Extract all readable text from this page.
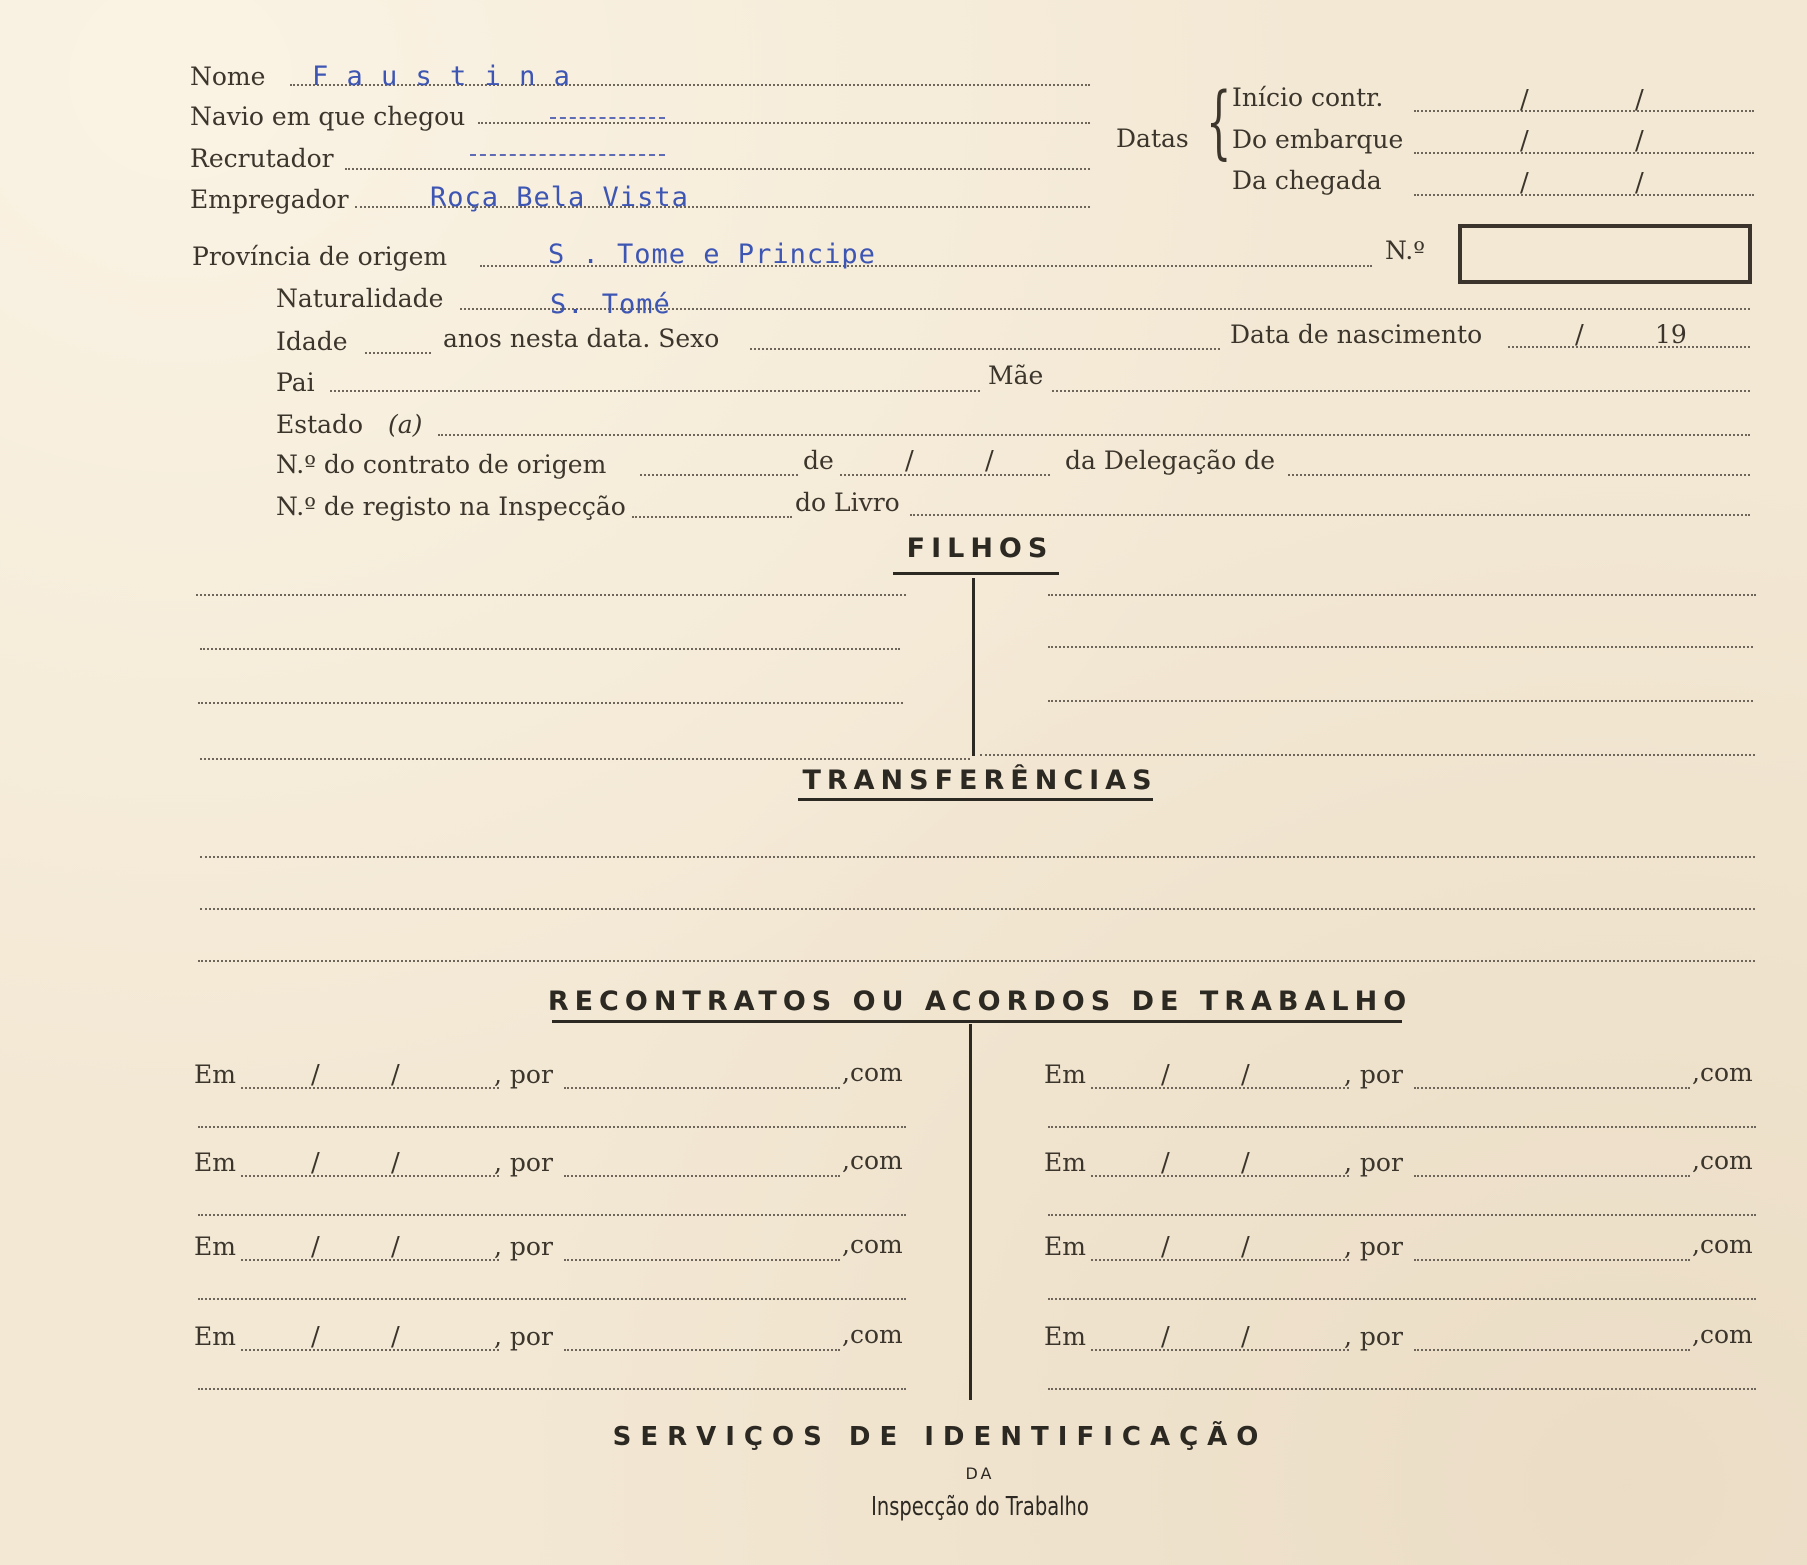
Nome F a u s t i n a
Navio em que chegou
Recrutador
Empregador	Roça Bela Vista
Datas { Início contr.	/	/
Do embarque	/	/
Da chegada	/	/
Província de origem	S . Tome e Principe	N.º
Naturalidade	S. Tomé
Idade	anos nesta data. Sexo	Data de nascimento	/	19
Pai	Mãe
Estado (a)
N.º do contrato de origem	de	/	/	da Delegação de
N.º de registo na Inspecção	do Livro
FILHOS
TRANSFERÊNCIAS
RECONTRATOS OU ACORDOS DE TRABALHO
Em	/	/	, por	,com	Em	/	/	, por	,com
Em	/	/	, por	,com	Em	/	/	, por	,com
Em	/	/	, por	,com	Em	/	/	, por	,com
Em	/	/	, por	,com	Em	/	/	, por	,com
SERVIÇOS DE IDENTIFICAÇÃO
DA
Inspecção do Trabalho
